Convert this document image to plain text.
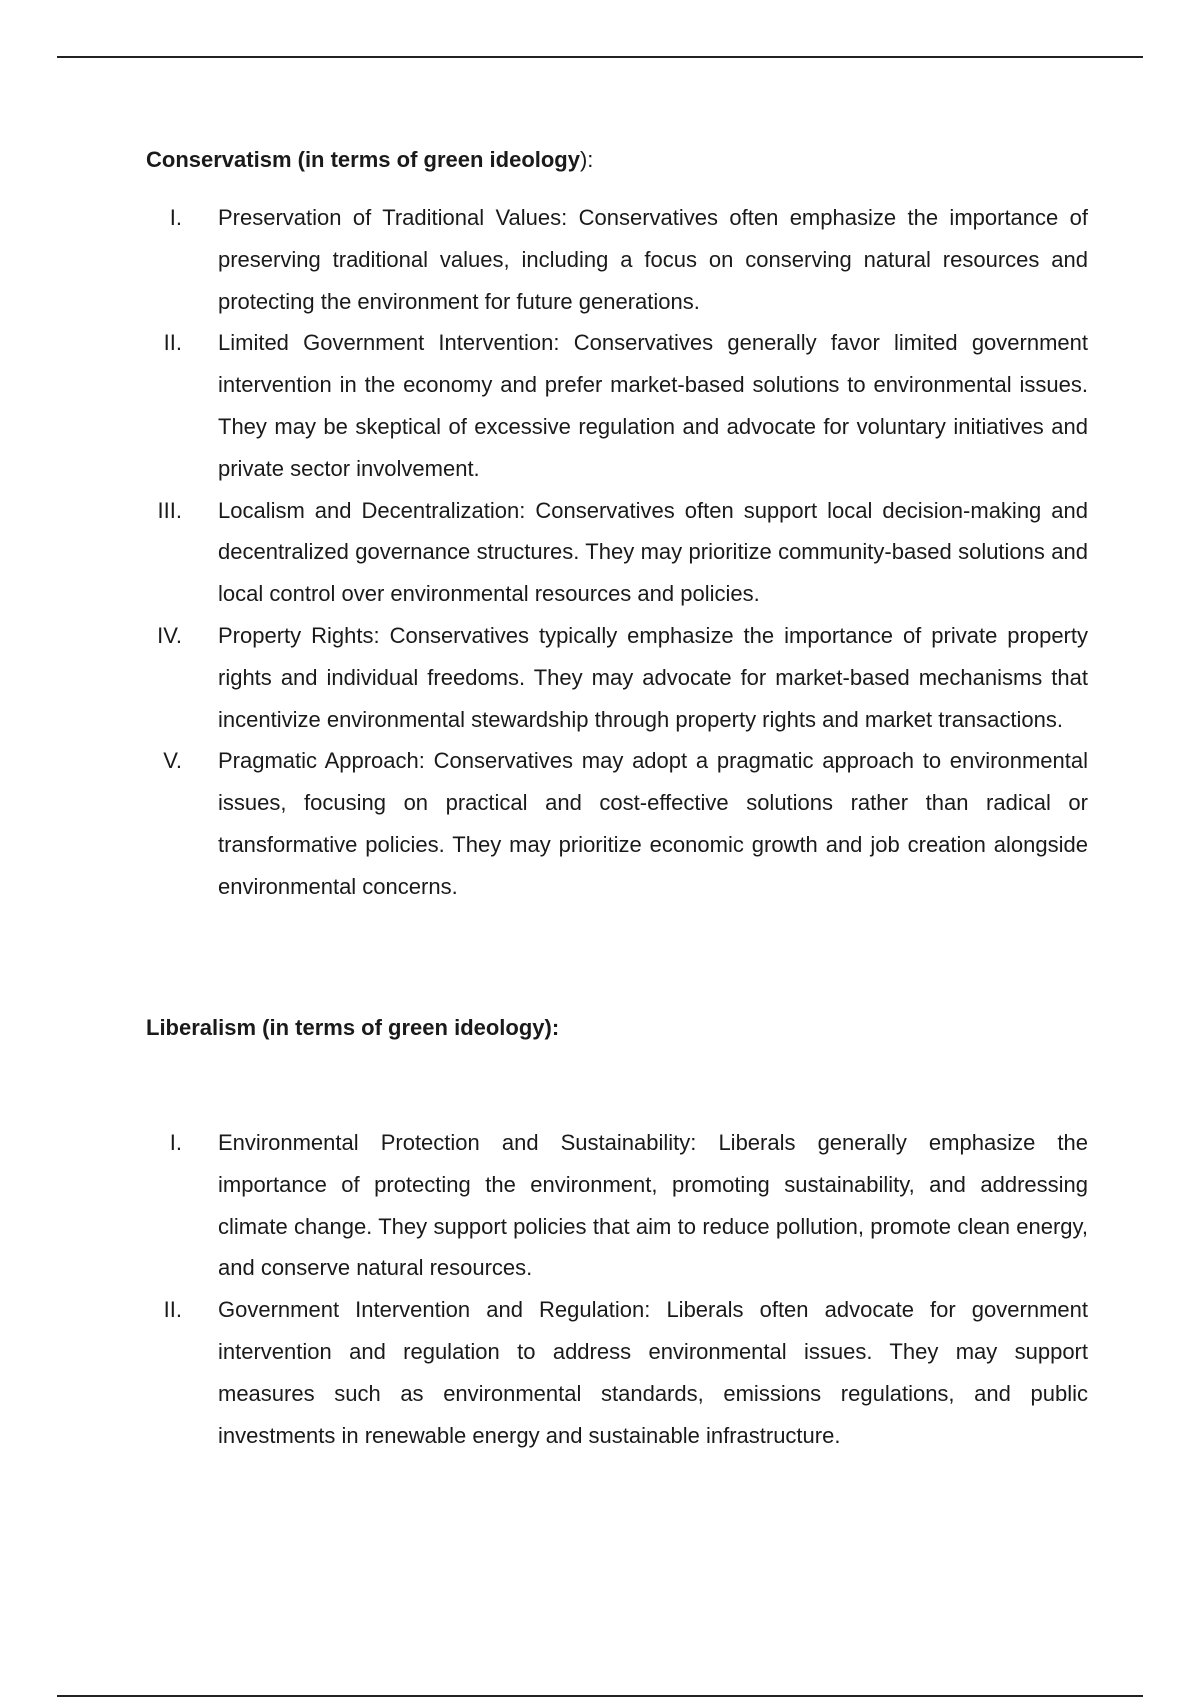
Conservatism (in terms of green ideology):
I.	Preservation of Traditional Values: Conservatives often emphasize the importance of preserving traditional values, including a focus on conserving natural resources and protecting the environment for future generations.
II.	Limited Government Intervention: Conservatives generally favor limited government intervention in the economy and prefer market-based solutions to environmental issues. They may be skeptical of excessive regulation and advocate for voluntary initiatives and private sector involvement.
III.	Localism and Decentralization: Conservatives often support local decision-making and decentralized governance structures. They may prioritize community-based solutions and local control over environmental resources and policies.
IV.	Property Rights: Conservatives typically emphasize the importance of private property rights and individual freedoms. They may advocate for market-based mechanisms that incentivize environmental stewardship through property rights and market transactions.
V.	Pragmatic Approach: Conservatives may adopt a pragmatic approach to environmental issues, focusing on practical and cost-effective solutions rather than radical or transformative policies. They may prioritize economic growth and job creation alongside environmental concerns.
Liberalism (in terms of green ideology):
I.	Environmental Protection and Sustainability: Liberals generally emphasize the importance of protecting the environment, promoting sustainability, and addressing climate change. They support policies that aim to reduce pollution, promote clean energy, and conserve natural resources.
II.	Government Intervention and Regulation: Liberals often advocate for government intervention and regulation to address environmental issues. They may support measures such as environmental standards, emissions regulations, and public investments in renewable energy and sustainable infrastructure.
